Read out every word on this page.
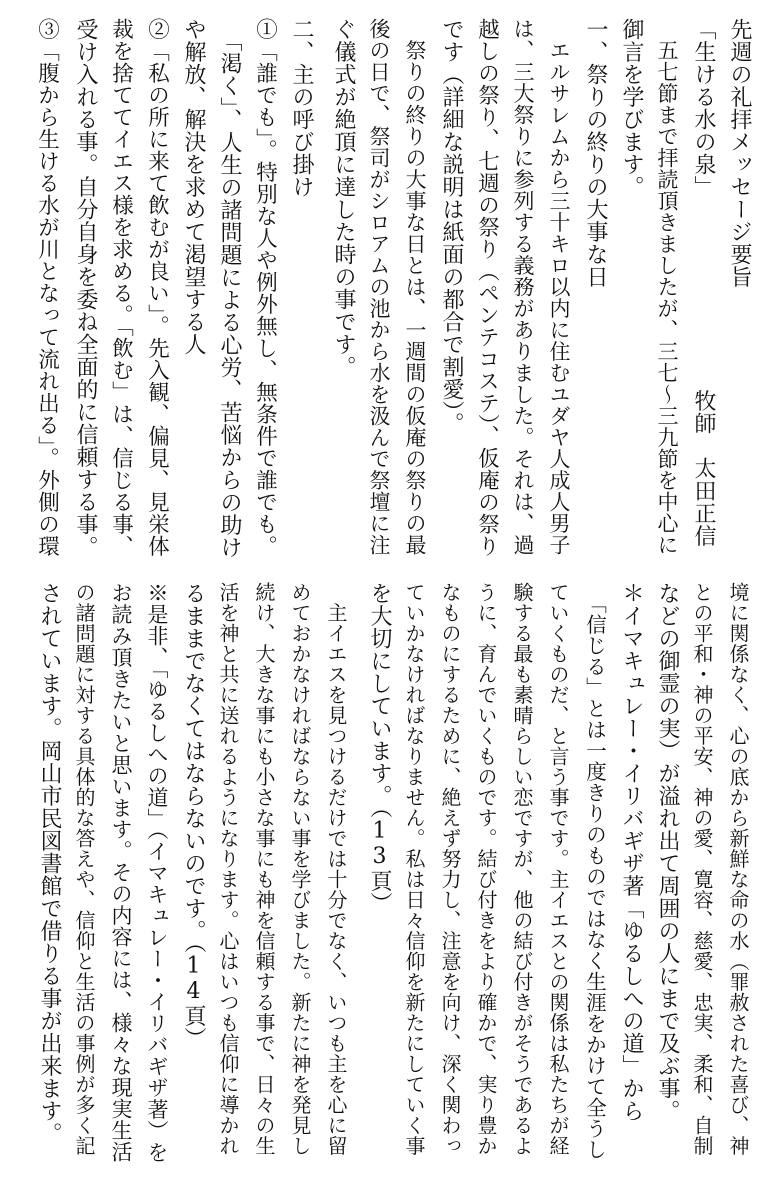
先週の礼拝メッセージ要旨
「生ける水の泉」　　　　　　　　　牧師　太田正信
　五七節まで拝読頂きましたが、三七〜三九節を中心に
御言を学びます。
一、祭りの終りの大事な日
　エルサレムから三十キロ以内に住むユダヤ人成人男子
は、三大祭りに参列する義務がありました。それは、過
越しの祭り、七週の祭り（ペンテコステ）、仮庵の祭り
です（詳細な説明は紙面の都合で割愛）。
　祭りの終りの大事な日とは、一週間の仮庵の祭りの最
後の日で、祭司がシロアムの池から水を汲んで祭壇に注
ぐ儀式が絶頂に達した時の事です。
二、主の呼び掛け
①「誰でも」。特別な人や例外無し、無条件で誰でも。
　「渇く」、人生の諸問題による心労、苦悩からの助け
や解放、解決を求めて渇望する人
②「私の所に来て飲むが良い」。先入観、偏見、見栄体
裁を捨ててイエス様を求める。「飲む」は、信じる事、
受け入れる事。自分自身を委ね全面的に信頼する事。
③「腹から生ける水が川となって流れ出る」。外側の環
境に関係なく、心の底から新鮮な命の水（罪赦された喜び、神
との平和・神の平安、神の愛、寛容、慈愛、忠実、柔和、自制
などの御霊の実）が溢れ出て周囲の人にまで及ぶ事。
＊イマキュレー・イリバギザ著「ゆるしへの道」から
　「信じる」とは一度きりのものではなく生涯をかけて全うし
ていくものだ、と言う事です。主イエスとの関係は私たちが経
験する最も素晴らしい恋ですが、他の結び付きがそうであるよ
うに、育んでいくものです。結び付きをより確かで、実り豊か
なものにするために、絶えず努力し、注意を向け、深く関わっ
ていかなければなりません。私は日々信仰を新たにしていく事
を大切にしています。（13頁）
　主イエスを見つけるだけでは十分でなく、いつも主を心に留
めておかなければならない事を学びました。新たに神を発見し
続け、大きな事にも小さな事にも神を信頼する事で、日々の生
活を神と共に送れるようになります。心はいつも信仰に導かれ
るままでなくてはならないのです。（14頁）
※是非、「ゆるしへの道」（イマキュレー・イリバギザ著）を
お読み頂きたいと思います。その内容には、様々な現実生活
の諸問題に対する具体的な答えや、信仰と生活の事例が多く記
されています。岡山市民図書館で借りる事が出来ます。
